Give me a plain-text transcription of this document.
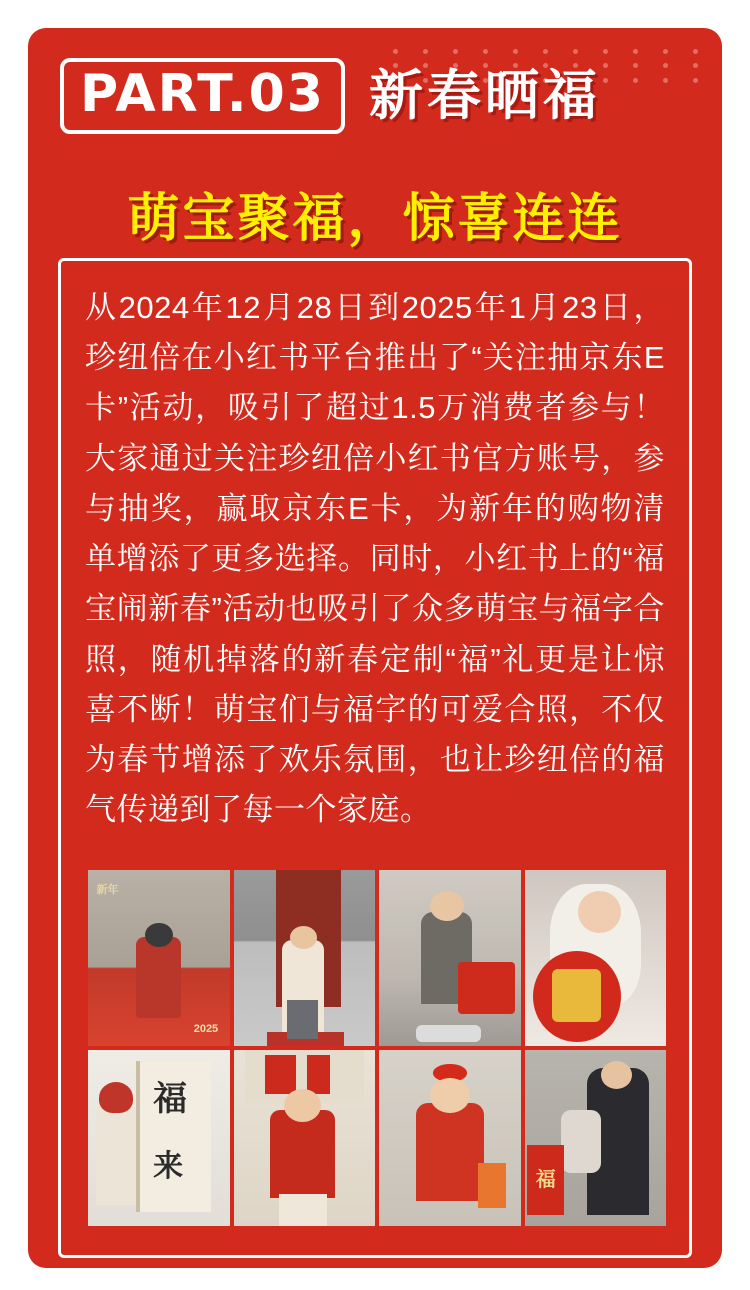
PART.03 新春晒福
萌宝聚福，惊喜连连
从2024年12月28日到2025年1月23日，珍纽倍在小红书平台推出了“关注抽京东E卡”活动，吸引了超过1.5万消费者参与！大家通过关注珍纽倍小红书官方账号，参与抽奖，赢取京东E卡，为新年的购物清单增添了更多选择。同时，小红书上的“福宝闹新春”活动也吸引了众多萌宝与福字合照，随机掉落的新春定制“福”礼更是让惊喜不断！萌宝们与福字的可爱合照，不仅为春节增添了欢乐氛围，也让珍纽倍的福气传递到了每一个家庭。
新年
2025
福
来
福
